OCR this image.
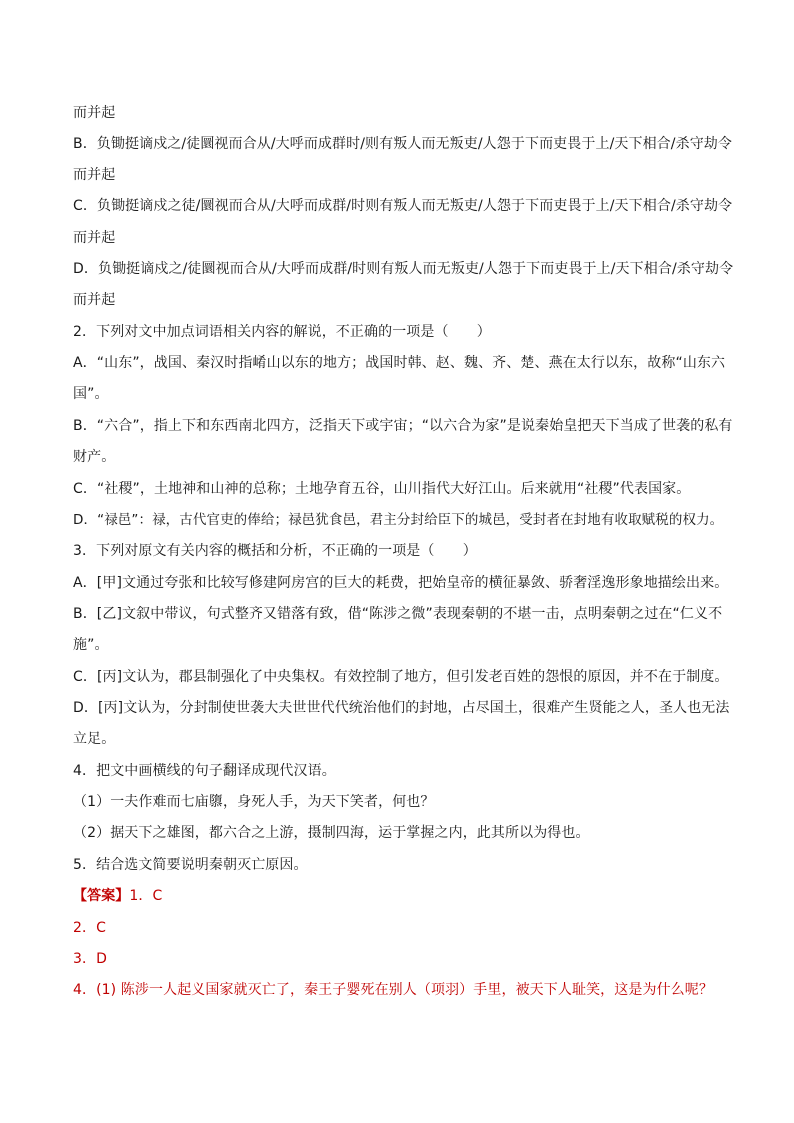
而并起
B．负锄挺谪戍之/徒圜视而合从/大呼而成群时/则有叛人而无叛吏/人怨于下而吏畏于上/天下相合/杀守劫令
而并起
C．负锄挺谪戍之徒/圜视而合从/大呼而成群/时则有叛人而无叛吏/人怨于下而吏畏于上/天下相合/杀守劫令
而并起
D．负锄挺谪戍之/徒圜视而合从/大呼而成群/时则有叛人而无叛吏/人怨于下而吏畏于上/天下相合/杀守劫令
而并起
2．下列对文中加点词语相关内容的解说，不正确的一项是（　　）
A．“山东”，战国、秦汉时指崤山以东的地方；战国时韩、赵、魏、齐、楚、燕在太行以东，故称“山东六
国”。
B．“六合”，指上下和东西南北四方，泛指天下或宇宙；“以六合为家”是说秦始皇把天下当成了世袭的私有
财产。
C．“社稷”，土地神和山神的总称；土地孕育五谷，山川指代大好江山。后来就用“社稷”代表国家。
D．“禄邑”：禄，古代官吏的俸给；禄邑犹食邑，君主分封给臣下的城邑，受封者在封地有收取赋税的权力。
3．下列对原文有关内容的概括和分析，不正确的一项是（　　）
A．[甲]文通过夸张和比较写修建阿房宫的巨大的耗费，把始皇帝的横征暴敛、骄奢淫逸形象地描绘出来。
B．[乙]文叙中带议，句式整齐又错落有致，借“陈涉之微”表现秦朝的不堪一击，点明秦朝之过在“仁义不
施”。
C．[丙]文认为，郡县制强化了中央集权。有效控制了地方，但引发老百姓的怨恨的原因，并不在于制度。
D．[丙]文认为，分封制使世袭大夫世世代代统治他们的封地，占尽国土，很难产生贤能之人，圣人也无法
立足。
4．把文中画横线的句子翻译成现代汉语。
（1）一夫作难而七庙隳，身死人手，为天下笑者，何也？
（2）据天下之雄图，都六合之上游，摄制四海，运于掌握之内，此其所以为得也。
5．结合选文简要说明秦朝灭亡原因。
【答案】1．C
2．C
3．D
4．(1) 陈涉一人起义国家就灭亡了，秦王子婴死在别人（项羽）手里，被天下人耻笑，这是为什么呢？
